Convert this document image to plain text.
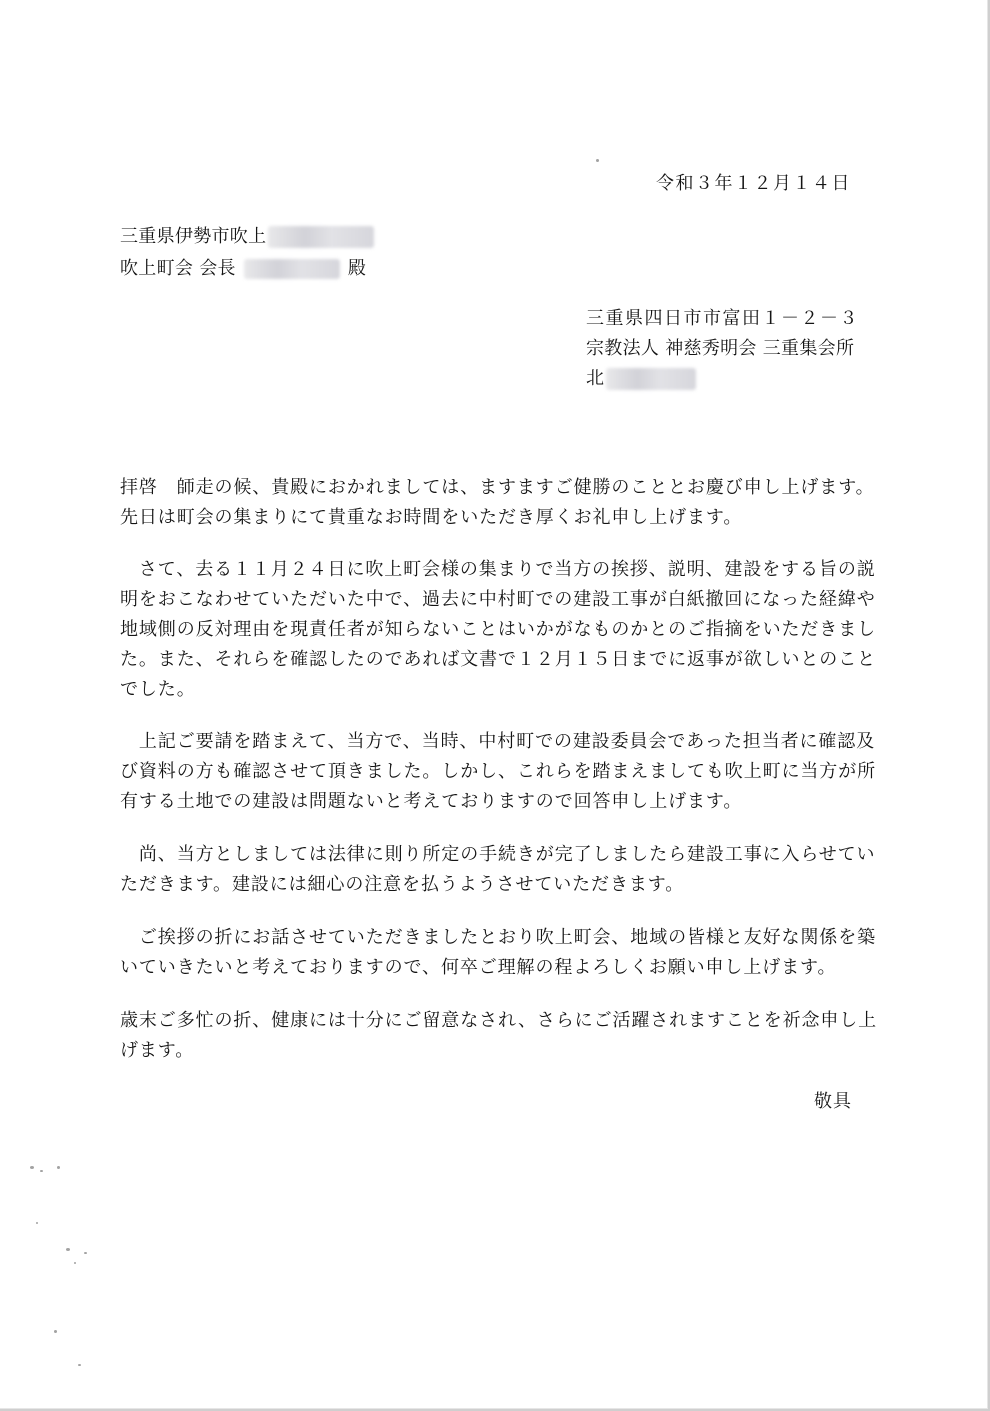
令和３年１２月１４日
三重県伊勢市吹上
吹上町会 会長	殿
三重県四日市市富田１－２－３
宗教法人 神慈秀明会 三重集会所
北
拝啓　師走の候、貴殿におかれましては、ますますご健勝のこととお慶び申し上げます。
先日は町会の集まりにて貴重なお時間をいただき厚くお礼申し上げます。
　さて、去る１１月２４日に吹上町会様の集まりで当方の挨拶、説明、建設をする旨の説
明をおこなわせていただいた中で、過去に中村町での建設工事が白紙撤回になった経緯や
地域側の反対理由を現責任者が知らないことはいかがなものかとのご指摘をいただきまし
た。また、それらを確認したのであれば文書で１２月１５日までに返事が欲しいとのこと
でした。
　上記ご要請を踏まえて、当方で、当時、中村町での建設委員会であった担当者に確認及
び資料の方も確認させて頂きました。しかし、これらを踏まえましても吹上町に当方が所
有する土地での建設は問題ないと考えておりますので回答申し上げます。
　尚、当方としましては法律に則り所定の手続きが完了しましたら建設工事に入らせてい
ただきます。建設には細心の注意を払うようさせていただきます。
　ご挨拶の折にお話させていただきましたとおり吹上町会、地域の皆様と友好な関係を築
いていきたいと考えておりますので、何卒ご理解の程よろしくお願い申し上げます。
歳末ご多忙の折、健康には十分にご留意なされ、さらにご活躍されますことを祈念申し上
げます。
敬具
